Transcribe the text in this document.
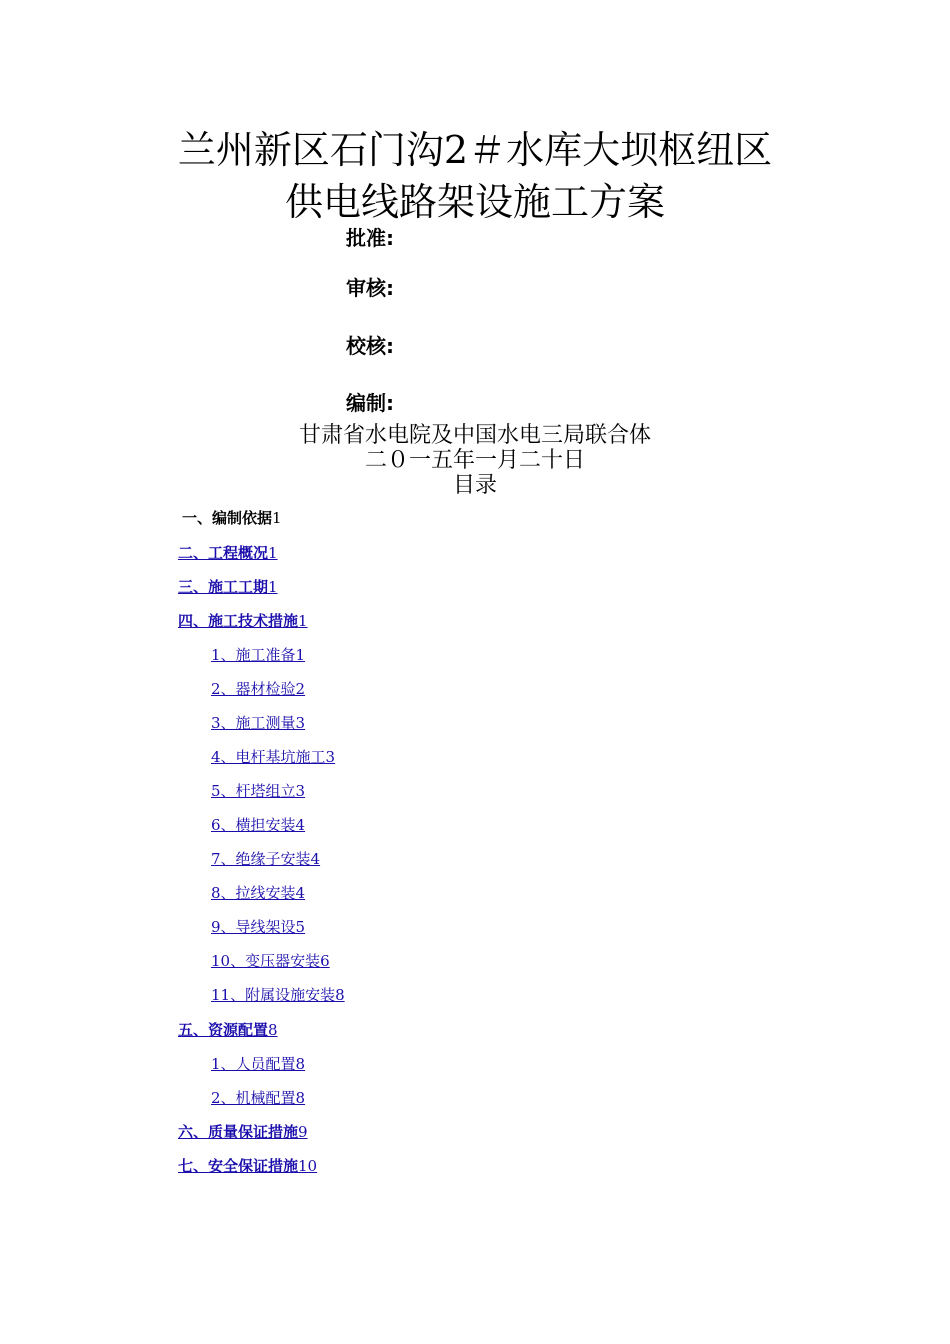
兰州新区石门沟2＃水库大坝枢纽区
供电线路架设施工方案
批准:
审核:
校核:
编制:
甘肃省水电院及中国水电三局联合体
二０一五年一月二十日
目录
一、编制依据1
二、工程概况1
三、施工工期1
四、施工技术措施1
1、施工准备1
2、器材检验2
3、施工测量3
4、电杆基坑施工3
5、杆塔组立3
6、横担安装4
7、绝缘子安装4
8、拉线安装4
9、导线架设5
10、变压器安装6
11、附属设施安装8
五、资源配置8
1、人员配置8
2、机械配置8
六、质量保证措施9
七、安全保证措施10
